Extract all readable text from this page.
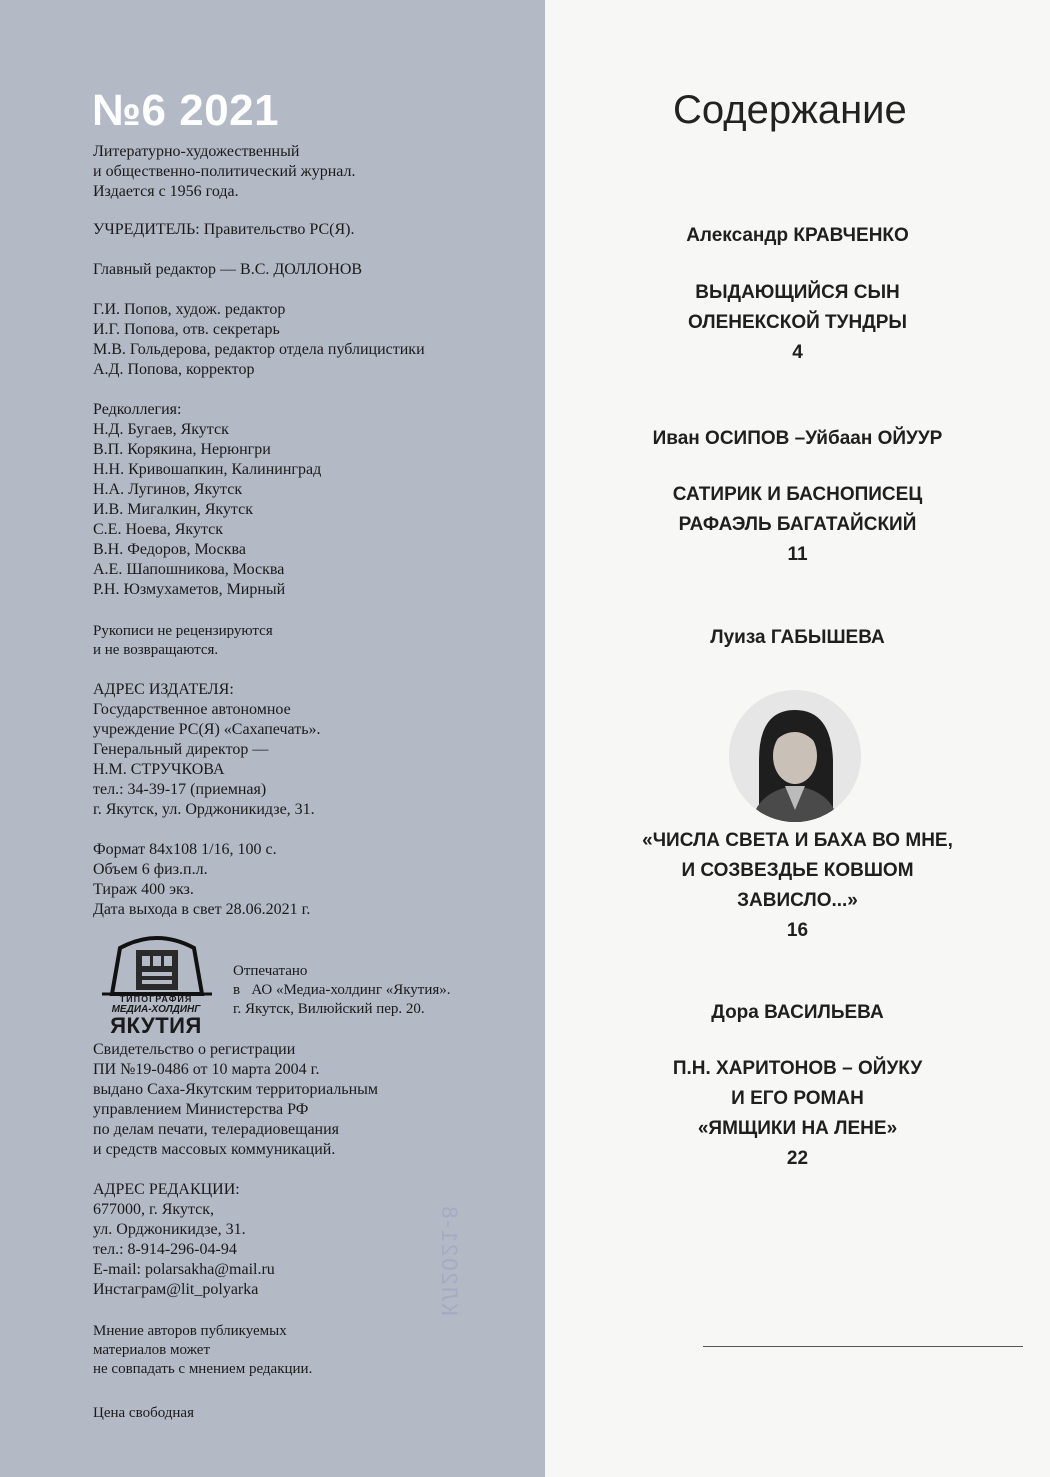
№6 2021

Литературно-художественный
и общественно-политический журнал.
Издается с 1956 года.

УЧРЕДИТЕЛЬ: Правительство РС(Я).

Главный редактор — В.С. ДОЛЛОНОВ

Г.И. Попов, худож. редактор
И.Г. Попова, отв. секретарь
М.В. Гольдерова, редактор отдела публицистики
А.Д. Попова, корректор

Редколлегия:
Н.Д. Бугаев, Якутск
В.П. Корякина, Нерюнгри
Н.Н. Кривошапкин, Калининград
Н.А. Лугинов, Якутск
И.В. Мигалкин, Якутск
С.Е. Ноева, Якутск
В.Н. Федоров, Москва
А.Е. Шапошникова, Москва
Р.Н. Юзмухаметов, Мирный

Рукописи не рецензируются
и не возвращаются.

АДРЕС ИЗДАТЕЛЯ:
Государственное автономное
учреждение РС(Я) «Сахапечать».
Генеральный директор —
Н.М. СТРУЧКОВА
тел.: 34-39-17 (приемная)
г. Якутск, ул. Орджоникидзе, 31.

Формат 84x108 1/16, 100 с.
Объем 6 физ.п.л.
Тираж 400 экз.
Дата выхода в свет 28.06.2021 г.

ТИПОГРАФИЯ
МЕДИА-ХОЛДИНГ
ЯКУТИЯ
Отпечатано
в   АО «Медиа-холдинг «Якутия».
г. Якутск, Вилюйский пер. 20.

Свидетельство о регистрации
ПИ №19-0486 от 10 марта 2004 г.
выдано Саха-Якутским территориальным
управлением Министерства РФ
по делам печати, телерадиовещания
и средств массовых коммуникаций.

АДРЕС РЕДАКЦИИ:
677000, г. Якутск,
ул. Орджоникидзе, 31.
тел.: 8-914-296-04-94
E-mail: polarsakha@mail.ru
Инстаграм@lit_polyarka

Мнение авторов публикуемых
материалов может
не совпадать с мнением редакции.

Цена свободная

Содержание
Александр КРАВЧЕНКО
ВЫДАЮЩИЙСЯ СЫН
ОЛЕНЕКСКОЙ ТУНДРЫ
4
Иван ОСИПОВ –Уйбаан ОЙУУР
САТИРИК И БАСНОПИСЕЦ
РАФАЭЛЬ БАГАТАЙСКИЙ
11
Луиза ГАБЫШЕВА
«ЧИСЛА СВЕТА И БАХА ВО МНЕ,
И СОЗВЕЗДЬЕ КОВШОМ
ЗАВИСЛО...»
16
Дора ВАСИЛЬЕВА
П.Н. ХАРИТОНОВ – ОЙУКУ
И ЕГО РОМАН
«ЯМЩИКИ НА ЛЕНЕ»
22
КЛ2021-8
